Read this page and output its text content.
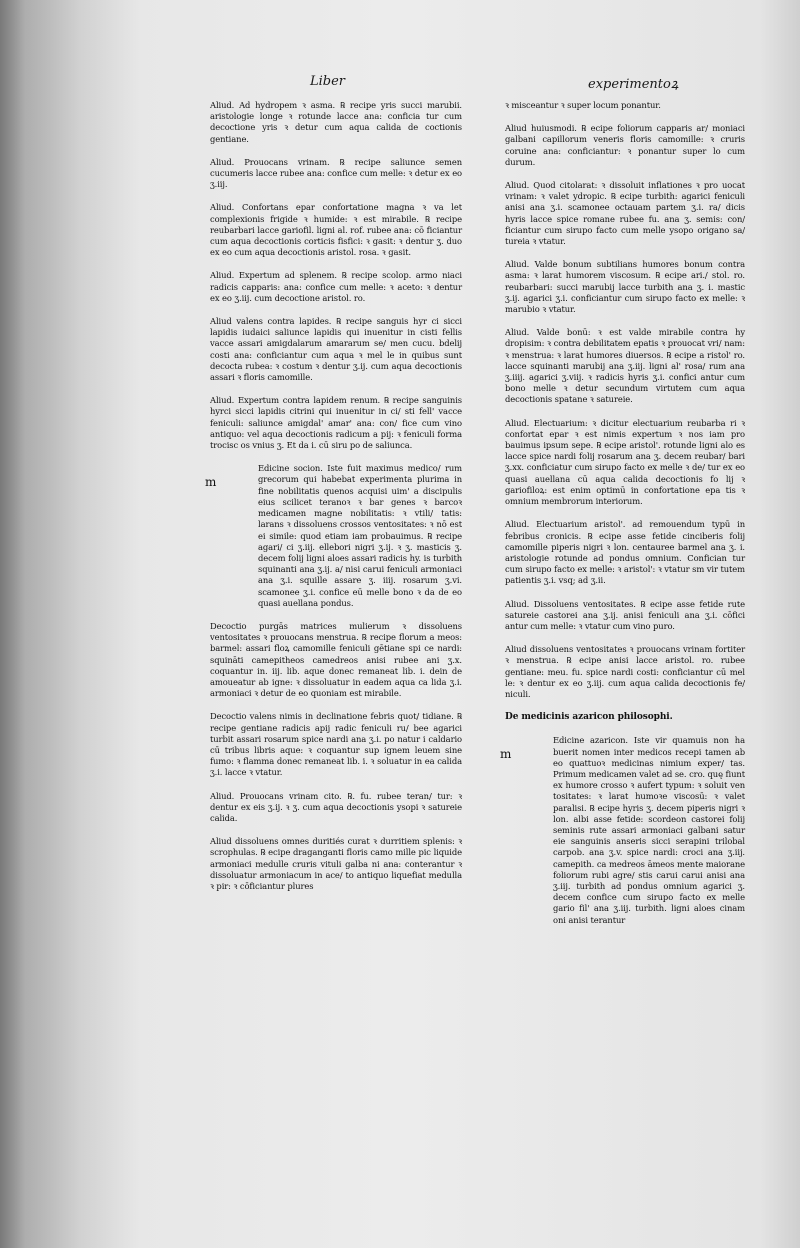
Liber	experimentoꝝ

Aliud. Ad hydropem ꝛ asma. ℞ recipe yris succi marubii. aristologie longe ꝛ rotunde lacce ana: conficia tur cum decoctione yris ꝛ detur cum aqua calida de coctionis gentiane.

Aliud. Prouocans vrinam. ℞ recipe saliunce semen cucumeris lacce rubee ana: confice cum melle: ꝛ detur ex eo ʒ.iij.

Aliud. Confortans epar confortatione magna ꝛ va let complexionis frigide ꝛ humide: ꝛ est mirabile. ℞ recipe reubarbari lacce gariofil. ligni al. rof. rubee ana: cō ficiantur cum aqua decoctionis corticis fisfici: ꝛ gasit: ꝛ dentur ʒ. duo ex eo cum aqua decoctionis aristol. rosa. ꝛ gasit.

Aliud. Expertum ad splenem. ℞ recipe scolop. armo niaci radicis capparis: ana: confice cum melle: ꝛ aceto: ꝛ dentur ex eo ʒ.iij. cum decoctione aristol. ro.

Aliud valens contra lapides. ℞ recipe sanguis hyr ci sicci lapidis iudaici saliunce lapidis qui inuenitur in cisti fellis vacce assari amigdalarum amararum se/ men cucu. bdelij costi ana: conficiantur cum aqua ꝛ mel le in quibus sunt decocta rubea: ꝛ costum ꝛ dentur ʒ.ij. cum aqua decoctionis assari ꝛ floris camomille.

Aliud. Expertum contra lapidem renum. ℞ recipe sanguinis hyrci sicci lapidis citrini qui inuenitur in ci/ sti fell' vacce feniculi: saliunce amigdal' amar' ana: con/ fice cum vino antiquo: vel aqua decoctionis radicum a pij: ꝛ feniculi forma trocisc os vnius ʒ. Et da i. cū siru po de saliunca.

m

Edicine socion. Iste fuit maximus medico/ rum grecorum qui habebat experimenta plurima in fine nobilitatis quenos acquisi uim' a discipulis eius scilicet teranoꝛ ꝛ bar genes ꝛ barcoꝛ medicamen magne nobilitatis: ꝛ vtili/ tatis: larans ꝛ dissoluens crossos ventositates: ꝛ nō est ei simile: quod etiam iam probauimus. ℞ recipe agari/ ci ʒ.iij. ellebori nigri ʒ.ij. ꝛ ʒ. masticis ʒ. decem folij ligni aloes assari radicis hy. is turbith squinanti ana ʒ.ij. a/ nisi carui feniculi armoniaci ana ʒ.i. squille assare ʒ. iiij. rosarum ʒ.vi. scamonee ʒ.i. confice eū melle bono ꝛ da de eo quasi auellana pondus.

Decoctio purgās matrices mulierum ꝛ dissoluens ventositates ꝛ prouocans menstrua. ℞ recipe florum a meos: barmel: assari floꝝ camomille feniculi gētiane spi ce nardi: squināti camepitheos camedreos anisi rubee ani ʒ.x. coquantur in. iij. lib. aque donec remaneat lib. i. dein de amoueatur ab igne: ꝛ dissoluatur in eadem aqua ca lida ʒ.i. armoniaci ꝛ detur de eo quoniam est mirabile.

Decoctio valens nimis in declinatione febris quot/ tidiane. ℞ recipe gentiane radicis apij radic feniculi ru/ bee agarici turbit assari rosarum spice nardi ana ʒ.i. po natur i caldario cū tribus libris aque: ꝛ coquantur sup ignem leuem sine fumo: ꝛ flamma donec remaneat lib. i. ꝛ soluatur in ea calida ʒ.i. lacce ꝛ vtatur.

Aliud. Prouocans vrinam cito. ℞. fu. rubee teran/ tur: ꝛ dentur ex eis ʒ.ij. ꝛ ʒ. cum aqua decoctionis ysopi ꝛ satureie calida.

Aliud dissoluens omnes duritiés curat ꝛ durritiem splenis: ꝛ scrophulas. ℞ ecipe draganganti floris camo mille pic liquide armoniaci medulle cruris vituli galba ni ana: conterantur ꝛ dissoluatur armoniacum in ace/ to antiquo liquefiat medulla ꝛ pir: ꝛ cōficiantur plures

ꝛ misceantur ꝛ super locum ponantur.

Aliud huiusmodi. ℞ ecipe foliorum capparis ar/ moniaci galbani capillorum veneris floris camomille: ꝛ cruris coruine ana: conficiantur: ꝛ ponantur super lo cum durum.

Aliud. Quod citolarat: ꝛ dissoluit inflationes ꝛ pro uocat vrinam: ꝛ valet ydropic. ℞ ecipe turbith: agarici feniculi anisi ana ʒ.i. scamonee octauam partem ʒ.i. ra/ dicis hyris lacce spice romane rubee fu. ana ʒ. semis: con/ ficiantur cum sirupo facto cum melle ysopo origano sa/ tureia ꝛ vtatur.

Aliud. Valde bonum subtilians humores bonum contra asma: ꝛ larat humorem viscosum. ℞ ecipe ari./ stol. ro. reubarbari: succi marubij lacce turbith ana ʒ. i. mastic ʒ.ij. agarici ʒ.i. conficiantur cum sirupo facto ex melle: ꝛ marubio ꝛ vtatur.

Aliud. Valde bonū: ꝛ est valde mirabile contra hy dropisim: ꝛ contra debilitatem epatis ꝛ prouocat vri/ nam: ꝛ menstrua: ꝛ larat humores diuersos. ℞ ecipe a ristol' ro. lacce squinanti marubij ana ʒ.iij. ligni al' rosa/ rum ana ʒ.iiij. agarici ʒ.viij. ꝛ radicis hyris ʒ.i. confici antur cum bono melle ꝛ detur secundum virtutem cum aqua decoctionis spatane ꝛ satureie.

Aliud. Electuarium: ꝛ dicitur electuarium reubarba ri ꝛ confortat epar ꝛ est nimis expertum ꝛ nos iam pro bauimus ipsum sepe. ℞ ecipe aristol'. rotunde ligni alo es lacce spice nardi folij rosarum ana ʒ. decem reubar/ bari ʒ.xx. conficiatur cum sirupo facto ex melle ꝛ de/ tur ex eo quasi auellana cū aqua calida decoctionis fo lij ꝛ gariofiloꝝ: est enim optimū in confortatione epa tis ꝛ omnium membrorum interiorum.

Aliud. Electuarium aristol'. ad remouendum typū in febribus cronicis. ℞ ecipe asse fetide cinciberis folij camomille piperis nigri ꝛ lon. centauree barmel ana ʒ. i. aristologie rotunde ad pondus omnium. Confician tur cum sirupo facto ex melle: ꝛ aristol': ꝛ vtatur sm vir tutem patientis ʒ.i. vsq; ad ʒ.ii.

Aliud. Dissoluens ventositates. ℞ ecipe asse fetide rute satureie castorei ana ʒ.ij. anisi feniculi ana ʒ.i. cōfici antur cum melle: ꝛ vtatur cum vino puro.

Aliud dissoluens ventositates ꝛ prouocans vrinam fortiter ꝛ menstrua. ℞ ecipe anisi lacce aristol. ro. rubee gentiane: meu. fu. spice nardi costi: conficiantur cū mel le: ꝛ dentur ex eo ʒ.iij. cum aqua calida decoctionis fe/ niculi.

De medicinis azaricon philosophi.
m

Edicine azaricon. Iste vir quamuis non ha buerit nomen inter medicos recepi tamen ab eo quattuoꝛ medicinas nimium exper/ tas. Primum medicamen valet ad se. cro. quę fiunt ex humore crosso ꝛ aufert typum: ꝛ soluit ven tositates: ꝛ larat humoꝛe viscosū: ꝛ valet paralisi. ℞ ecipe hyris ʒ. decem piperis nigri ꝛ lon. albi asse fetide: scordeon castorei folij seminis rute assari armoniaci galbani satur eie sanguinis anseris sicci serapini trilobal carpob. ana ʒ.v. spice nardi: croci ana ʒ.iij. camepith. ca medreos āmeos mente maiorane foliorum rubi agre/ stis carui carui anisi ana ʒ.iij. turbith ad pondus omnium agarici ʒ. decem confice cum sirupo facto ex melle gario fil' ana ʒ.iij. turbith. ligni aloes cinam oni anisi terantur
